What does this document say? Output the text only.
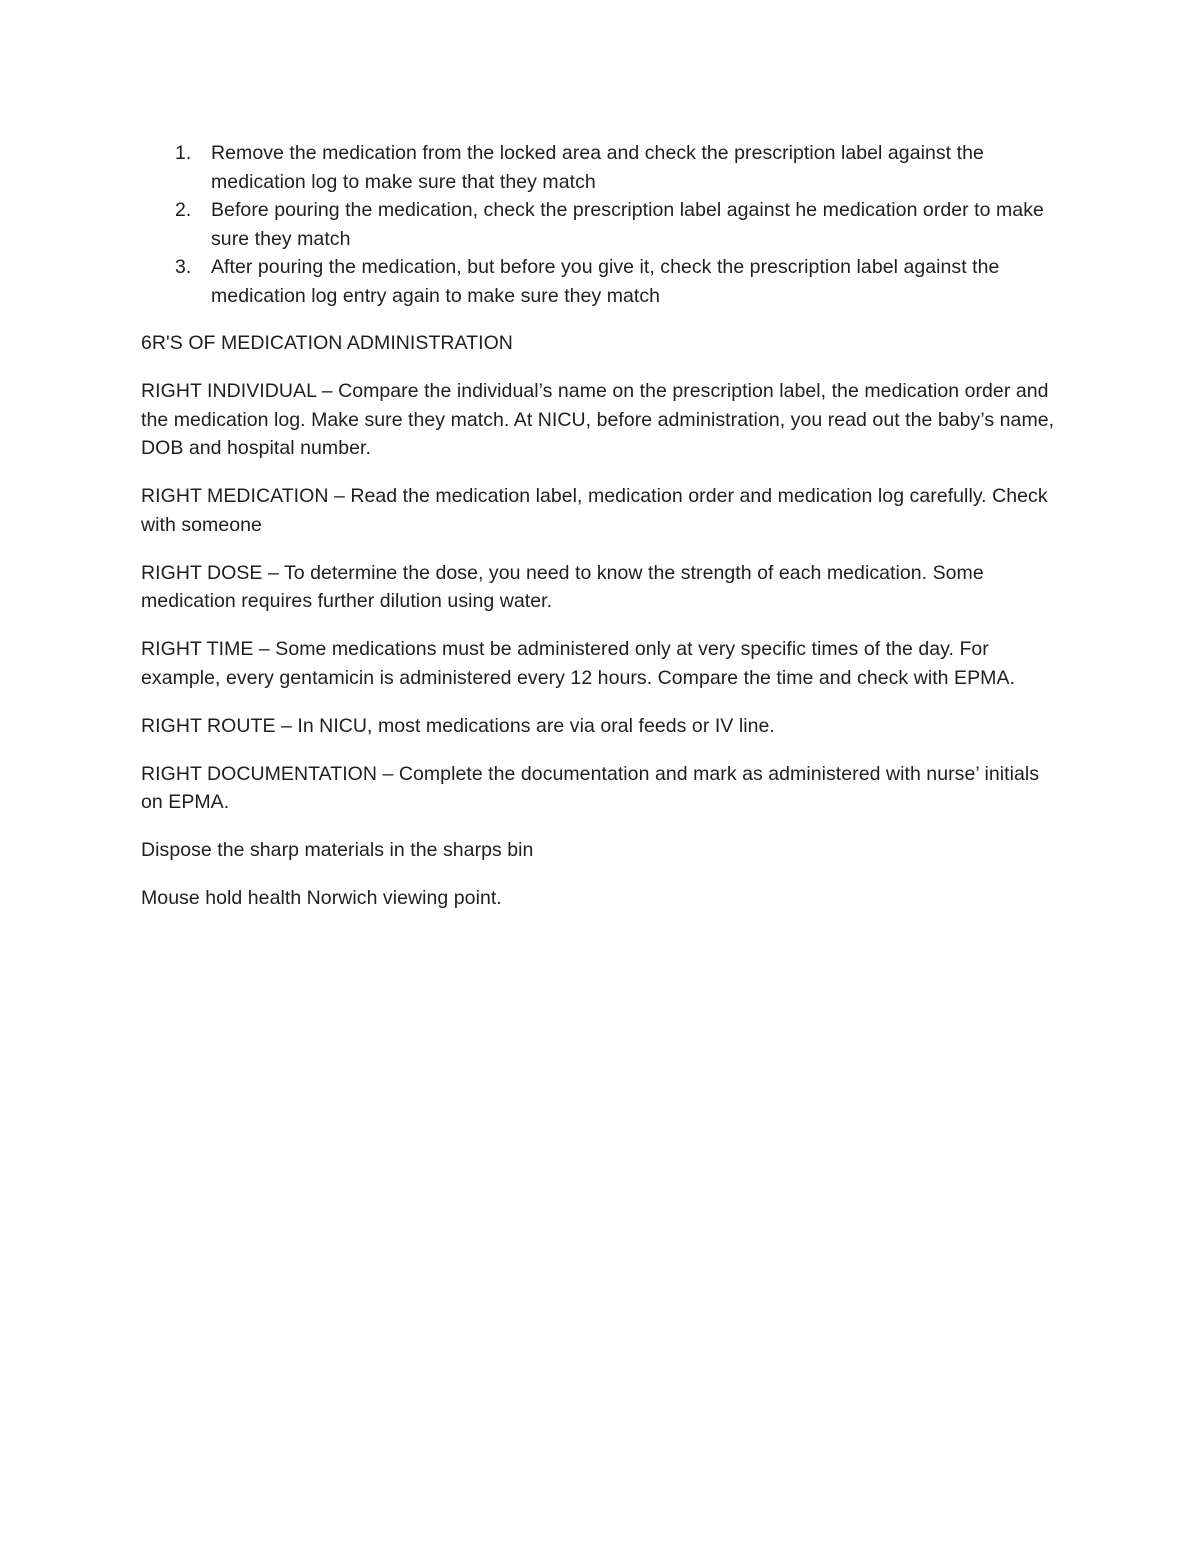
1.	Remove the medication from the locked area and check the prescription label against the medication log to make sure that they match
2.	Before pouring the medication, check the prescription label against he medication order to make sure they match
3.	After pouring the medication, but before you give it, check the prescription label against the medication log entry again to make sure they match

6R'S OF MEDICATION ADMINISTRATION

RIGHT INDIVIDUAL – Compare the individual’s name on the prescription label, the medication order and the medication log. Make sure they match. At NICU, before administration, you read out the baby’s name, DOB and hospital number.

RIGHT MEDICATION – Read the medication label, medication order and medication log carefully. Check with someone

RIGHT DOSE – To determine the dose, you need to know the strength of each medication. Some medication requires further dilution using water.

RIGHT TIME – Some medications must be administered only at very specific times of the day. For example, every gentamicin is administered every 12 hours. Compare the time and check with EPMA.

RIGHT ROUTE – In NICU, most medications are via oral feeds or IV line.

RIGHT DOCUMENTATION – Complete the documentation and mark as administered with nurse’ initials on EPMA.

Dispose the sharp materials in the sharps bin

Mouse hold health Norwich viewing point.
